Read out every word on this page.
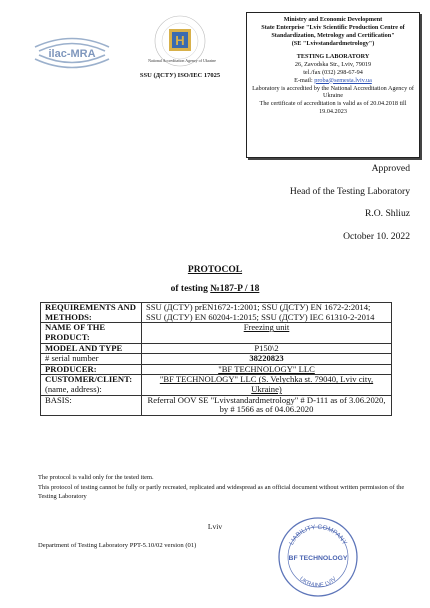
ilac-MRA
Н
National Accreditation Agency of Ukraine
SSU (ДСТУ) ISO/IEC 17025
Ministry and Economic Development
State Enterprise "Lviv Scientific Production Centre of Standardization, Metrology and Certification"
(SE "Lvivstandardmetrology")
TESTING LABORATORY
26, Zavodska Str., Lviv, 79019
tel./fax (032) 298-67-94
E-mail: proba@semesta.lviv.ua
Laboratory is accredited by the National Accreditation Agency of Ukraine
The certificate of accreditation is valid as of 20.04.2018 till 19.04.2023
Approved
Head of the Testing Laboratory
R.O. Shliuz
October 10. 2022
PROTOCOL
of testing №187-P / 18
REQUIREMENTS AND METHODS:	SSU (ДСТУ) prEN1672-1:2001; SSU (ДСТУ) EN 1672-2:2014; SSU (ДСТУ) EN 60204-1:2015; SSU (ДСТУ) IEC 61310-2-2014
NAME OF THE PRODUCT:	Freezing unit
MODEL AND TYPE	P150\2
# serial number	38220823
PRODUCER:	"BF TECHNOLOGY" LLC

CUSTOMER/CLIENT:
(name, address):	"BF TECHNOLOGY" LLC (S. Velychka st. 79040, Lviv city, Ukraine)
BASIS:	Referral OOV SE "Lvivstandardmetrology" # D-111 as of 3.06.2020, by # 1566 as of 04.06.2020
The protocol is valid only for the tested item.
This protocol of testing cannot be fully or partly recreated, replicated and widespread as an official document without written permission of the Testing Laboratory
Lviv
Department of Testing Laboratory PPT-5.10/02 version (01)	LIABILITY COMPANY
UKRAINE LVIV
BF TECHNOLOGY
